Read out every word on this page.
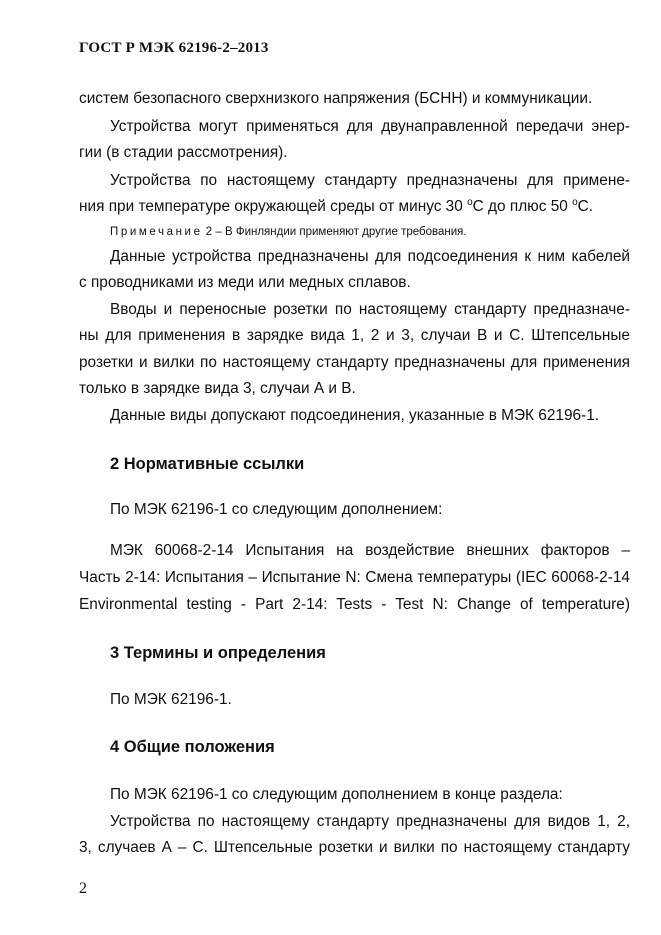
ГОСТ Р МЭК 62196-2–2013
систем безопасного сверхнизкого напряжения (БСНН) и коммуникации.
Устройства могут применяться для двунаправленной передачи энер-
гии (в стадии рассмотрения).
Устройства по настоящему стандарту предназначены для примене-
ния при температуре окружающей среды от минус 30 $^о$С до плюс 50 $^о$С.
Примечание 2 – В Финляндии применяют другие требования.
Данные устройства предназначены для подсоединения к ним кабелей
с проводниками из меди или медных сплавов.
Вводы и переносные розетки по настоящему стандарту предназначе-
ны для применения в зарядке вида 1, 2 и 3, случаи В и С. Штепсельные
розетки и вилки по настоящему стандарту предназначены для применения
только в зарядке вида 3, случаи А и В.
Данные виды допускают подсоединения, указанные в МЭК 62196-1.
2 Нормативные ссылки
По МЭК 62196-1 со следующим дополнением:
МЭК 60068-2-14 Испытания на воздействие внешних факторов –
Часть 2-14: Испытания – Испытание N: Смена температуры (IEC 60068-2-14
Environmental testing - Part 2-14: Tests - Test N: Change of temperature)
3 Термины и определения
По МЭК 62196-1.
4 Общие положения
По МЭК 62196-1 со следующим дополнением в конце раздела:
Устройства по настоящему стандарту предназначены для видов 1, 2,
3, случаев А – С. Штепсельные розетки и вилки по настоящему стандарту
2
